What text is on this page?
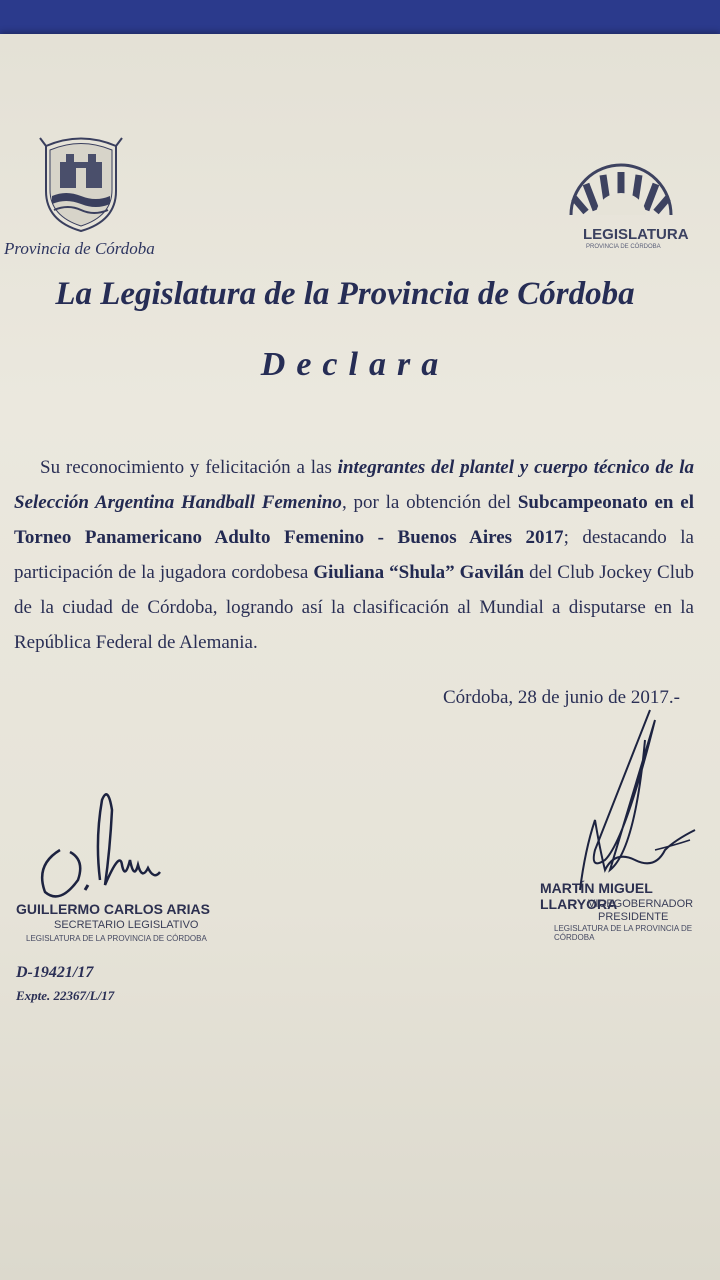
Provincia de Córdoba
LEGISLATURA
PROVINCIA DE CÓRDOBA
La Legislatura de la Provincia de Córdoba
Declara
Su reconocimiento y felicitación a las integrantes del plantel y cuerpo técnico de la Selección Argentina Handball Femenino, por la obtención del Subcampeonato en el Torneo Panamericano Adulto Femenino - Buenos Aires 2017; destacando la participación de la jugadora cordobesa Giuliana “Shula” Gavilán del Club Jockey Club de la ciudad de Córdoba, logrando así la clasificación al Mundial a disputarse en la República Federal de Alemania.
Córdoba, 28 de junio de 2017.-
GUILLERMO CARLOS ARIAS
SECRETARIO LEGISLATIVO
LEGISLATURA DE LA PROVINCIA DE CÓRDOBA
MARTÍN MIGUEL LLARYORA
VICEGOBERNADOR
PRESIDENTE
LEGISLATURA DE LA PROVINCIA DE CÓRDOBA
D-19421/17
Expte. 22367/L/17
